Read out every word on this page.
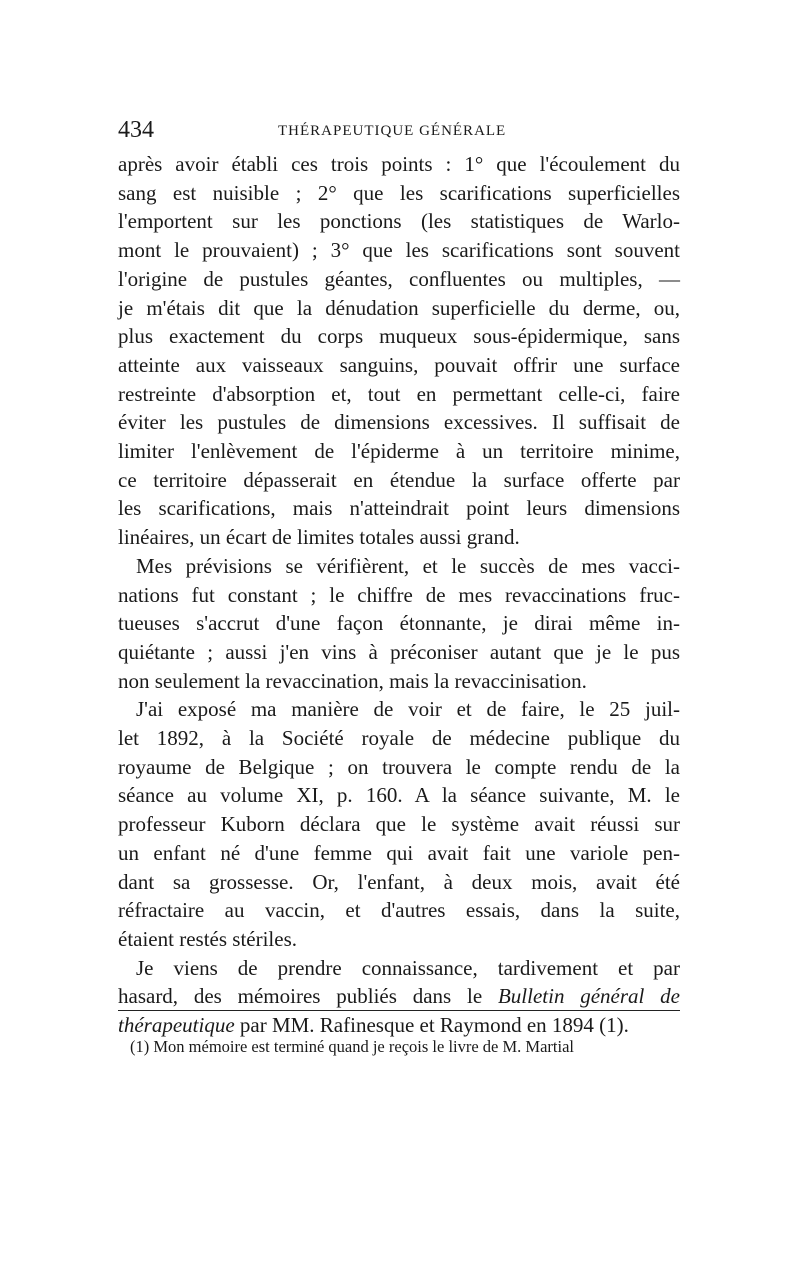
434	THÉRAPEUTIQUE GÉNÉRALE

après avoir établi ces trois points : 1° que l'écoulement du
sang est nuisible ; 2° que les scarifications superficielles
l'emportent sur les ponctions (les statistiques de Warlo-
mont le prouvaient) ; 3° que les scarifications sont souvent
l'origine de pustules géantes, confluentes ou multiples, —
je m'étais dit que la dénudation superficielle du derme, ou,
plus exactement du corps muqueux sous-épidermique, sans
atteinte aux vaisseaux sanguins, pouvait offrir une surface
restreinte d'absorption et, tout en permettant celle-ci, faire
éviter les pustules de dimensions excessives. Il suffisait de
limiter l'enlèvement de l'épiderme à un territoire minime,
ce territoire dépasserait en étendue la surface offerte par
les scarifications, mais n'atteindrait point leurs dimensions
linéaires, un écart de limites totales aussi grand.

Mes prévisions se vérifièrent, et le succès de mes vacci-
nations fut constant ; le chiffre de mes revaccinations fruc-
tueuses s'accrut d'une façon étonnante, je dirai même in-
quiétante ; aussi j'en vins à préconiser autant que je le pus
non seulement la revaccination, mais la revaccinisation.

J'ai exposé ma manière de voir et de faire, le 25 juil-
let 1892, à la Société royale de médecine publique du
royaume de Belgique ; on trouvera le compte rendu de la
séance au volume XI, p. 160. A la séance suivante, M. le
professeur Kuborn déclara que le système avait réussi sur
un enfant né d'une femme qui avait fait une variole pen-
dant sa grossesse. Or, l'enfant, à deux mois, avait été
réfractaire au vaccin, et d'autres essais, dans la suite,
étaient restés stériles.

Je viens de prendre connaissance, tardivement et par
hasard, des mémoires publiés dans le Bulletin général de
thérapeutique par MM. Rafinesque et Raymond en 1894 (1).

(1) Mon mémoire est terminé quand je reçois le livre de M. Martial
